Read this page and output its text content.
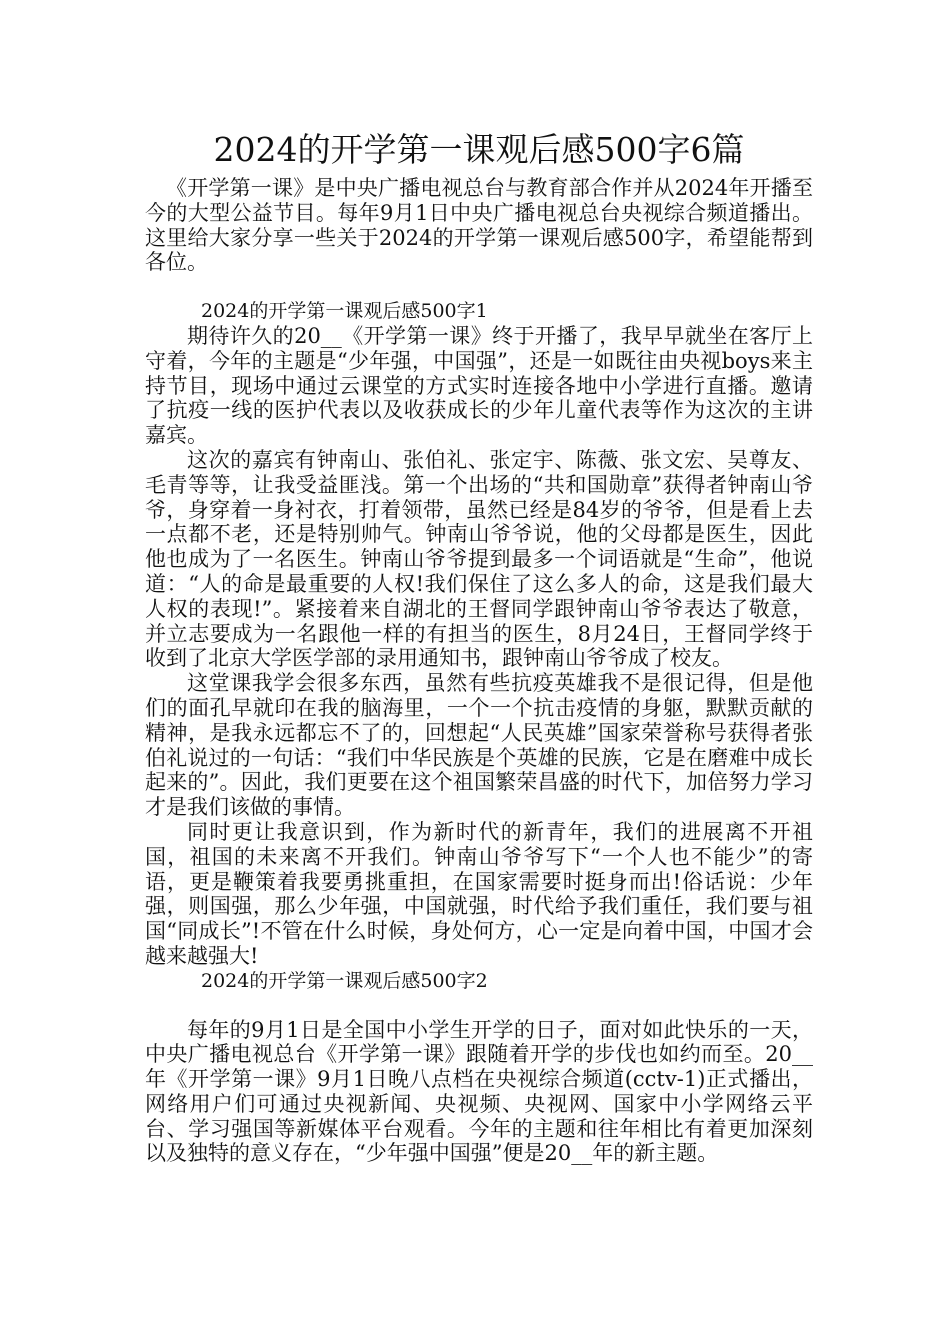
2024的开学第一课观后感500字6篇

《开学第一课》是中央广播电视总台与教育部合作并从2024年开播至今的大型公益节目。每年9月1日中央广播电视总台央视综合频道播出。这里给大家分享一些关于2024的开学第一课观后感500字，希望能帮到各位。

2024的开学第一课观后感500字1

期待许久的20__《开学第一课》终于开播了，我早早就坐在客厅上守着，今年的主题是“少年强，中国强”，还是一如既往由央视boys来主持节目，现场中通过云课堂的方式实时连接各地中小学进行直播。邀请了抗疫一线的医护代表以及收获成长的少年儿童代表等作为这次的主讲嘉宾。

这次的嘉宾有钟南山、张伯礼、张定宇、陈薇、张文宏、吴尊友、毛青等等，让我受益匪浅。第一个出场的“共和国勋章”获得者钟南山爷爷，身穿着一身衬衣，打着领带，虽然已经是84岁的爷爷，但是看上去一点都不老，还是特别帅气。钟南山爷爷说，他的父母都是医生，因此他也成为了一名医生。钟南山爷爷提到最多一个词语就是“生命”，他说道：“人的命是最重要的人权!我们保住了这么多人的命，这是我们最大人权的表现!”。紧接着来自湖北的王督同学跟钟南山爷爷表达了敬意，并立志要成为一名跟他一样的有担当的医生，8月24日，王督同学终于收到了北京大学医学部的录用通知书，跟钟南山爷爷成了校友。

这堂课我学会很多东西，虽然有些抗疫英雄我不是很记得，但是他们的面孔早就印在我的脑海里，一个一个抗击疫情的身躯，默默贡献的精神，是我永远都忘不了的，回想起“人民英雄”国家荣誉称号获得者张伯礼说过的一句话：“我们中华民族是个英雄的民族，它是在磨难中成长起来的”。因此，我们更要在这个祖国繁荣昌盛的时代下，加倍努力学习才是我们该做的事情。

同时更让我意识到，作为新时代的新青年，我们的进展离不开祖国，祖国的未来离不开我们。钟南山爷爷写下“一个人也不能少”的寄语，更是鞭策着我要勇挑重担，在国家需要时挺身而出!俗话说：少年强，则国强，那么少年强，中国就强，时代给予我们重任，我们要与祖国“同成长”!不管在什么时候，身处何方，心一定是向着中国，中国才会越来越强大!

2024的开学第一课观后感500字2

每年的9月1日是全国中小学生开学的日子，面对如此快乐的一天，中央广播电视总台《开学第一课》跟随着开学的步伐也如约而至。20__年《开学第一课》9月1日晚八点档在央视综合频道(cctv-1)正式播出，网络用户们可通过央视新闻、央视频、央视网、国家中小学网络云平台、学习强国等新媒体平台观看。今年的主题和往年相比有着更加深刻以及独特的意义存在，“少年强中国强”便是20__年的新主题。
